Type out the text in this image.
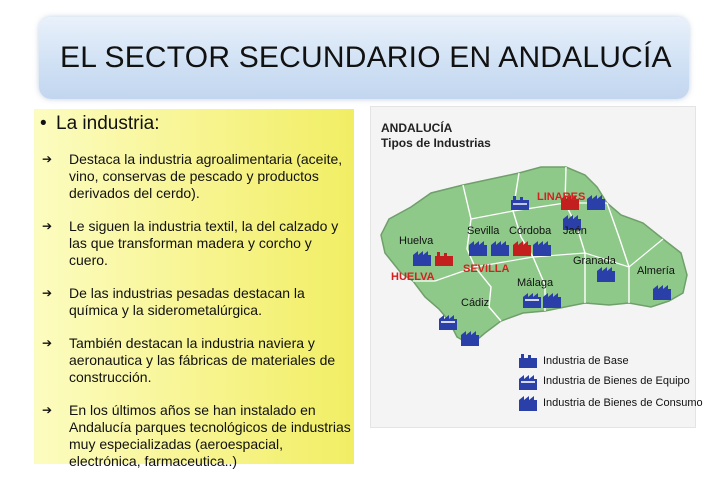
EL SECTOR SECUNDARIO EN ANDALUCÍA
• La industria:
➔ Destaca la industria agroalimentaria (aceite, vino, conservas de pescado y productos derivados del cerdo).
➔ Le siguen la industria textil, la del calzado y las que transforman madera y corcho y cuero.
➔ De las industrias pesadas destacan la química y la siderometalúrgica.
➔ También destacan la industria naviera y aeronautica y las fábricas de materiales de construcción.
➔ En los últimos años se han instalado en Andalucía parques tecnológicos de industrias muy especializadas (aeroespacial, electrónica, farmaceutica..)
ANDALUCÍA
Tipos de Industrias
LINARES
Sevilla Córdoba Jaén
Huelva
HUELVA
SEVILLA
Granada
Almería
Málaga
Cádiz
Industria de Base
Industria de Bienes de Equipo
Industria de Bienes de Consumo
